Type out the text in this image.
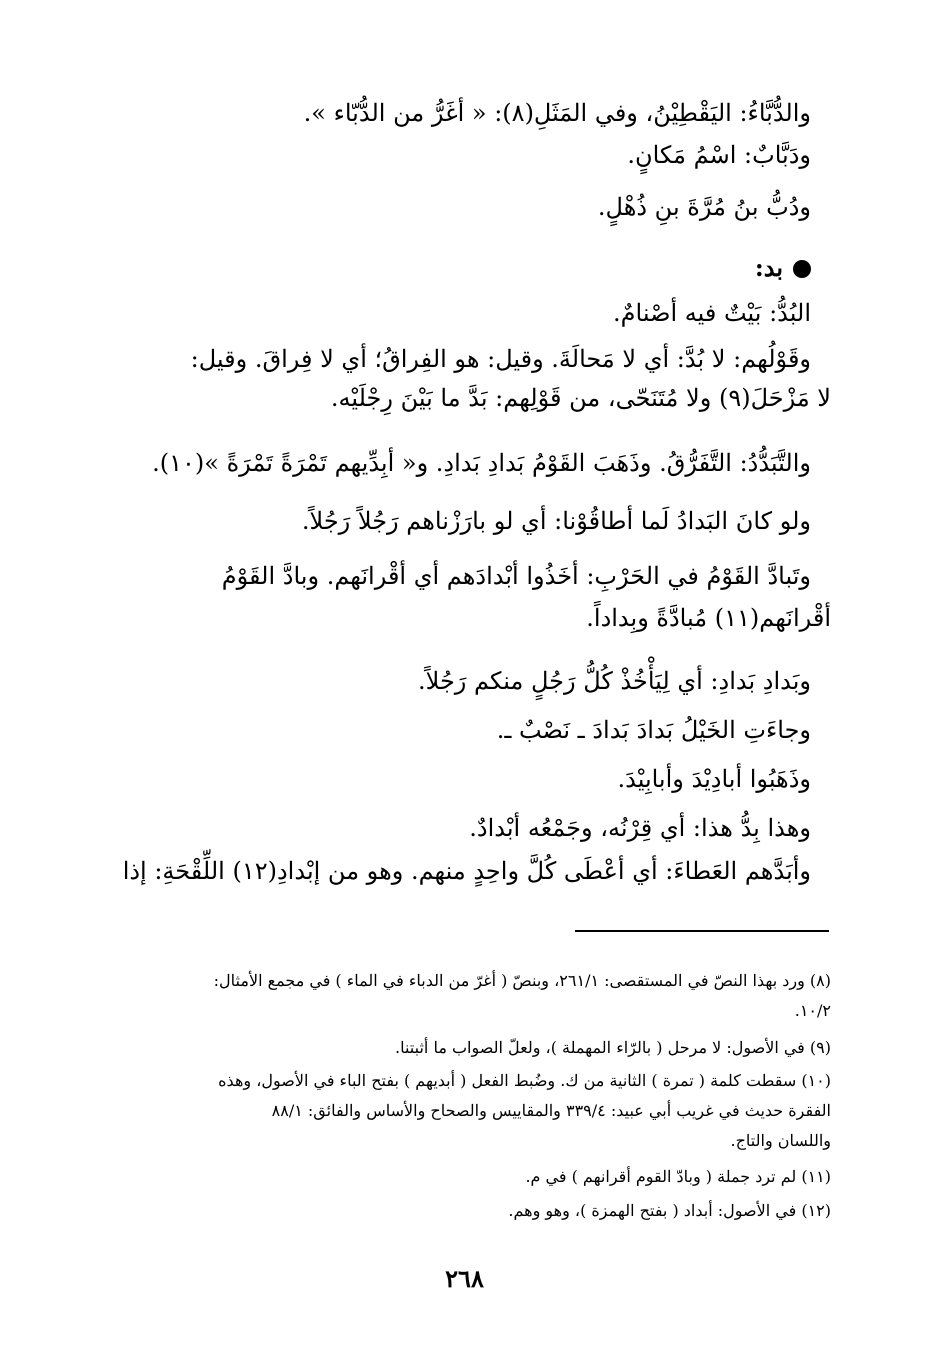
والدُّبَّاءُ: اليَقْطِيْنُ، وفي المَثَلِ(٨): « أغَرُّ من الدُّبّاء ».
ودَبَّابٌ: اسْمُ مَكانٍ.
ودُبُّ بنُ مُرَّةَ بنِ ذُهْلٍ.
بد:
البُدُّ: بَيْتٌ فيه أصْنامٌ.
وقَوْلُهم: لا بُدَّ: أي لا مَحالَةَ. وقيل: هو الفِراقُ؛ أي لا فِراقَ. وقيل:
لا مَزْحَلَ(٩) ولا مُتَنَحّى، من قَوْلِهم: بَدَّ ما بَيْنَ رِجْلَيْه.
والتَّبَدُّدُ: التَّفَرُّقُ. وذَهَبَ القَوْمُ بَدادِ بَدادِ. و« أبِدِّيهم تَمْرَةً تَمْرَةً »(١٠).
ولو كانَ البَدادُ لَما أطاقُوْنا: أي لو بارَزْناهم رَجُلاً رَجُلاً.
وتَبادَّ القَوْمُ في الحَرْبِ: أخَذُوا أبْدادَهم أي أقْرانَهم. وبادَّ القَوْمُ
أقْرانَهم(١١) مُبادَّةً وبِداداً.
وبَدادِ بَدادِ: أي لِيَأْخُذْ كُلُّ رَجُلٍ منكم رَجُلاً.
وجاءَتِ الخَيْلُ بَدادَ بَدادَ ـ نَصْبٌ ـ.
وذَهَبُوا أبادِيْدَ وأبابِيْدَ.
وهذا بِدُّ هذا: أي قِرْنُه، وجَمْعُه أبْدادٌ.
وأبَدَّهم العَطاءَ: أي أعْطَى كُلَّ واحِدٍ منهم. وهو من إبْدادِ(١٢) اللِّقْحَةِ: إذا
(٨) ورد بهذا النصّ في المستقصى: ٢٦١/١، وبنصّ ( أغرّ من الدباء في الماء ) في مجمع الأمثال:
١٠/٢.
(٩) في الأصول: لا مرحل ( بالرّاء المهملة )، ولعلّ الصواب ما أثبتنا.
(١٠) سقطت كلمة ( تمرة ) الثانية من ك. وضُبط الفعل ( أبديهم ) بفتح الباء في الأصول، وهذه
الفقرة حديث في غريب أبي عبيد: ٣٣٩/٤ والمقاييس والصحاح والأساس والفائق: ٨٨/١
واللسان والتاج.
(١١) لم ترد جملة ( وبادّ القوم أقرانهم ) في م.
(١٢) في الأصول: أبداد ( بفتح الهمزة )، وهو وهم.
٢٦٨
